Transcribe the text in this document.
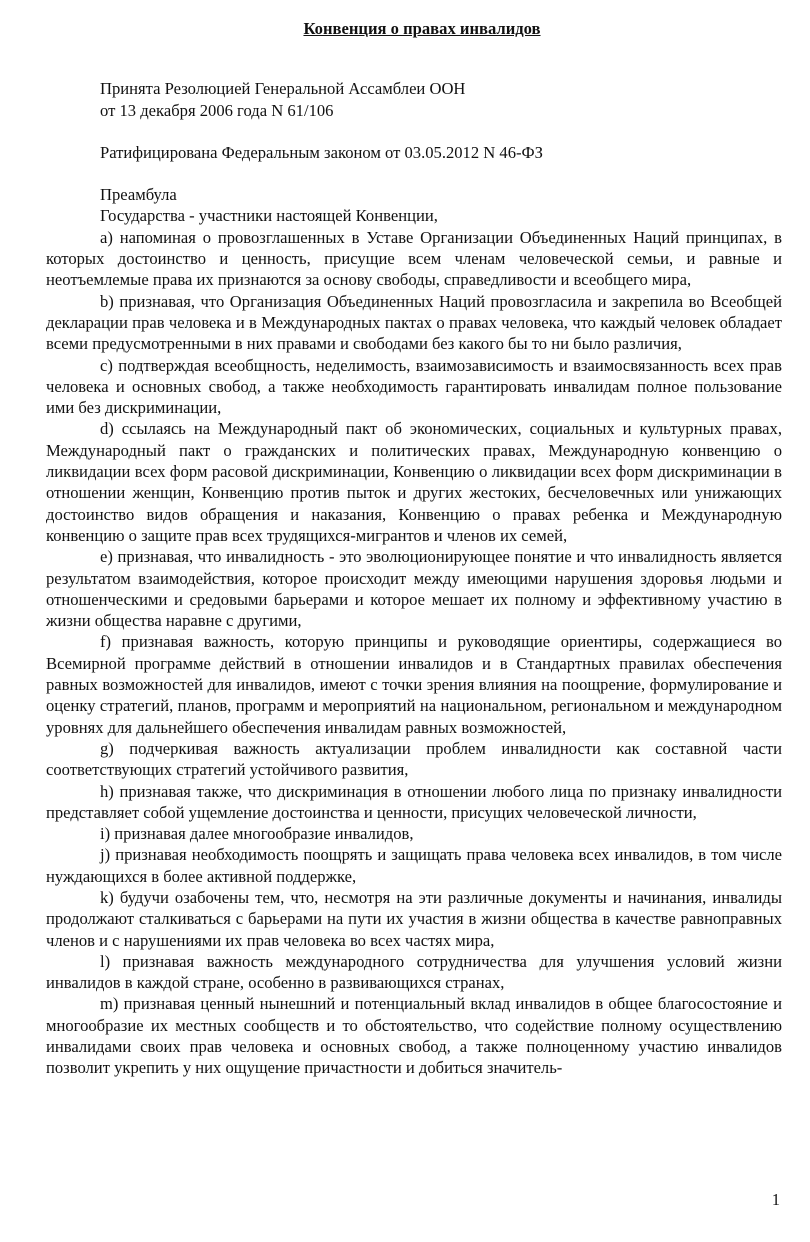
Конвенция о правах инвалидов
Принята Резолюцией Генеральной Ассамблеи ООН
от 13 декабря 2006 года N 61/106
Ратифицирована Федеральным законом от 03.05.2012 N 46-ФЗ
Преамбула
Государства - участники настоящей Конвенции,

a) напоминая о провозглашенных в Уставе Организации Объединенных Наций принципах, в которых достоинство и ценность, присущие всем членам человеческой семьи, и равные и неотъемлемые права их признаются за основу свободы, справедливости и всеобщего мира,

b) признавая, что Организация Объединенных Наций провозгласила и закрепила во Всеобщей декларации прав человека и в Международных пактах о правах человека, что каждый человек обладает всеми предусмотренными в них правами и свободами без какого бы то ни было различия,

c) подтверждая всеобщность, неделимость, взаимозависимость и взаимосвязанность всех прав человека и основных свобод, а также необходимость гарантировать инвалидам полное пользование ими без дискриминации,

d) ссылаясь на Международный пакт об экономических, социальных и культурных правах, Международный пакт о гражданских и политических правах, Международную конвенцию о ликвидации всех форм расовой дискриминации, Конвенцию о ликвидации всех форм дискриминации в отношении женщин, Конвенцию против пыток и других жестоких, бесчеловечных или унижающих достоинство видов обращения и наказания, Конвенцию о правах ребенка и Международную конвенцию о защите прав всех трудящихся-мигрантов и членов их семей,

e) признавая, что инвалидность - это эволюционирующее понятие и что инвалидность является результатом взаимодействия, которое происходит между имеющими нарушения здоровья людьми и отношенческими и средовыми барьерами и которое мешает их полному и эффективному участию в жизни общества наравне с другими,

f) признавая важность, которую принципы и руководящие ориентиры, содержащиеся во Всемирной программе действий в отношении инвалидов и в Стандартных правилах обеспечения равных возможностей для инвалидов, имеют с точки зрения влияния на поощрение, формулирование и оценку стратегий, планов, программ и мероприятий на национальном, региональном и международном уровнях для дальнейшего обеспечения инвалидам равных возможностей,

g) подчеркивая важность актуализации проблем инвалидности как составной части соответствующих стратегий устойчивого развития,

h) признавая также, что дискриминация в отношении любого лица по признаку инвалидности представляет собой ущемление достоинства и ценности, присущих человеческой личности,

i) признавая далее многообразие инвалидов,

j) признавая необходимость поощрять и защищать права человека всех инвалидов, в том числе нуждающихся в более активной поддержке,

k) будучи озабочены тем, что, несмотря на эти различные документы и начинания, инвалиды продолжают сталкиваться с барьерами на пути их участия в жизни общества в качестве равноправных членов и с нарушениями их прав человека во всех частях мира,

l) признавая важность международного сотрудничества для улучшения условий жизни инвалидов в каждой стране, особенно в развивающихся странах,

m) признавая ценный нынешний и потенциальный вклад инвалидов в общее благосостояние и многообразие их местных сообществ и то обстоятельство, что содействие полному осуществлению инвалидами своих прав человека и основных свобод, а также полноценному участию инвалидов позволит укрепить у них ощущение причастности и добиться значитель-

1
